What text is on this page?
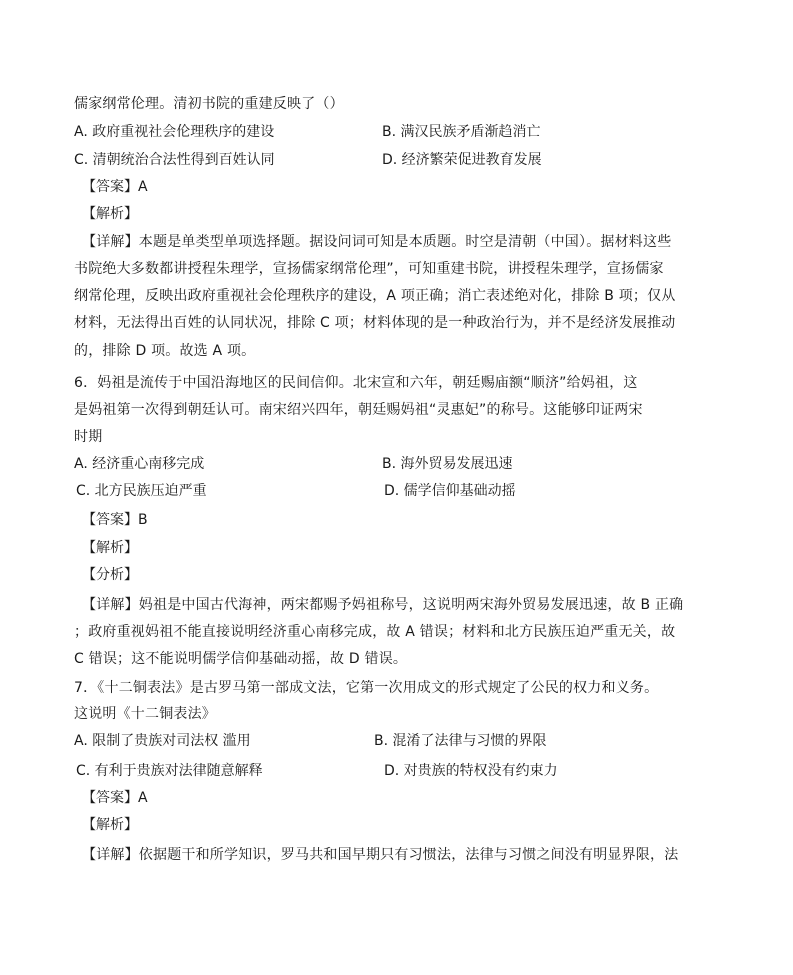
儒家纲常伦理。清初书院的重建反映了（）
A. 政府重视社会伦理秩序的建设	B. 满汉民族矛盾渐趋消亡
C. 清朝统治合法性得到百姓认同	D. 经济繁荣促进教育发展
【答案】A
【解析】
【详解】本题是单类型单项选择题。据设问词可知是本质题。时空是清朝（中国）。据材料这些
书院绝大多数都讲授程朱理学，宣扬儒家纲常伦理”，可知重建书院，讲授程朱理学，宣扬儒家
纲常伦理，反映出政府重视社会伦理秩序的建设，A 项正确；消亡表述绝对化，排除 B 项；仅从
材料，无法得出百姓的认同状况，排除 C 项；材料体现的是一种政治行为，并不是经济发展推动
的，排除 D 项。故选 A 项。
6．妈祖是流传于中国沿海地区的民间信仰。北宋宣和六年，朝廷赐庙额“顺济”给妈祖，这
是妈祖第一次得到朝廷认可。南宋绍兴四年，朝廷赐妈祖“灵惠妃”的称号。这能够印证两宋
时期
A. 经济重心南移完成	B. 海外贸易发展迅速
C. 北方民族压迫严重	D. 儒学信仰基础动摇
【答案】B
【解析】
【分析】
【详解】妈祖是中国古代海神，两宋都赐予妈祖称号，这说明两宋海外贸易发展迅速，故 B 正确
；政府重视妈祖不能直接说明经济重心南移完成，故 A 错误；材料和北方民族压迫严重无关，故
C 错误；这不能说明儒学信仰基础动摇，故 D 错误。
7．《十二铜表法》是古罗马第一部成文法，它第一次用成文的形式规定了公民的权力和义务。
这说明《十二铜表法》
A. 限制了贵族对司法权 滥用	B. 混淆了法律与习惯的界限
C. 有利于贵族对法律随意解释	D. 对贵族的特权没有约束力
【答案】A
【解析】
【详解】依据题干和所学知识，罗马共和国早期只有习惯法，法律与习惯之间没有明显界限，法
